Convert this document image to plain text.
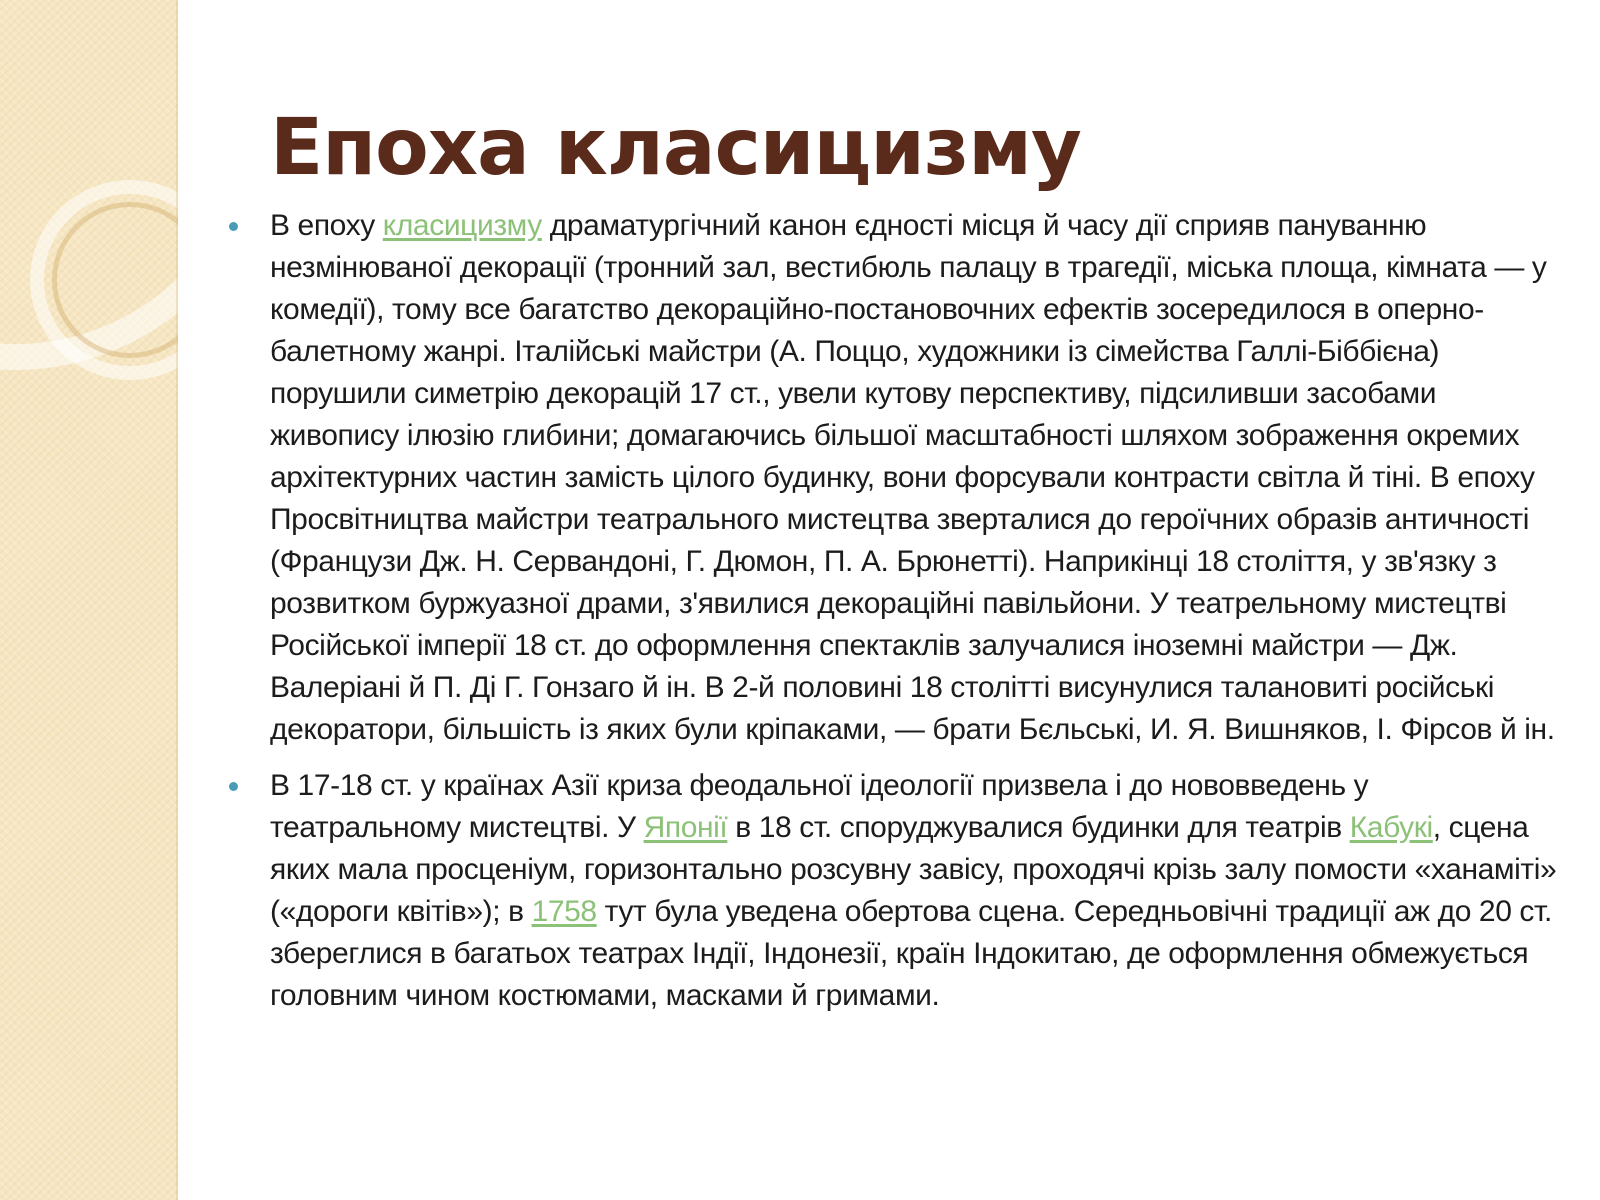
Епоха класицизму
В епоху класицизму драматургічний канон єдності місця й часу дії сприяв пануванню незмінюваної декорації (тронний зал, вестибюль палацу в трагедії, міська площа, кімната — у комедії), тому все багатство декораційно-постановочних ефектів зосередилося в оперно-балетному жанрі. Італійські майстри (А. Поццо, художники із сімейства Галлі-Біббієна) порушили симетрію декорацій 17 ст., увели кутову перспективу, підсиливши засобами живопису ілюзію глибини; домагаючись більшої масштабності шляхом зображення окремих архітектурних частин замість цілого будинку, вони форсували контрасти світла й тіні. В епоху Просвітництва майстри театрального мистецтва зверталися до героїчних образів античності (Французи Дж. Н. Сервандоні, Г. Дюмон, П. А. Брюнетті). Наприкінці 18 століття, у зв'язку з розвитком буржуазної драми, з'явилися декораційні павільйони. У театрельному мистецтві Російської імперії 18 ст. до оформлення спектаклів залучалися іноземні майстри — Дж. Валеріані й П. Ді Г. Гонзаго й ін. В 2-й половині 18 столітті висунулися талановиті російські декоратори, більшість із яких були кріпаками, — брати Бєльські, И. Я. Вишняков, І. Фірсов й ін.
В 17-18 ст. у країнах Азії криза феодальної ідеології призвела і до нововведень у театральному мистецтві. У Японії в 18 ст. споруджувалися будинки для театрів Кабукі, сцена яких мала просценіум, горизонтально розсувну завісу, проходячі крізь залу помости «ханаміті» («дороги квітів»); в 1758 тут була уведена обертова сцена. Середньовічні традиції аж до 20 ст. збереглися в багатьох театрах Індії, Індонезії, країн Індокитаю, де оформлення обмежується головним чином костюмами, масками й гримами.
